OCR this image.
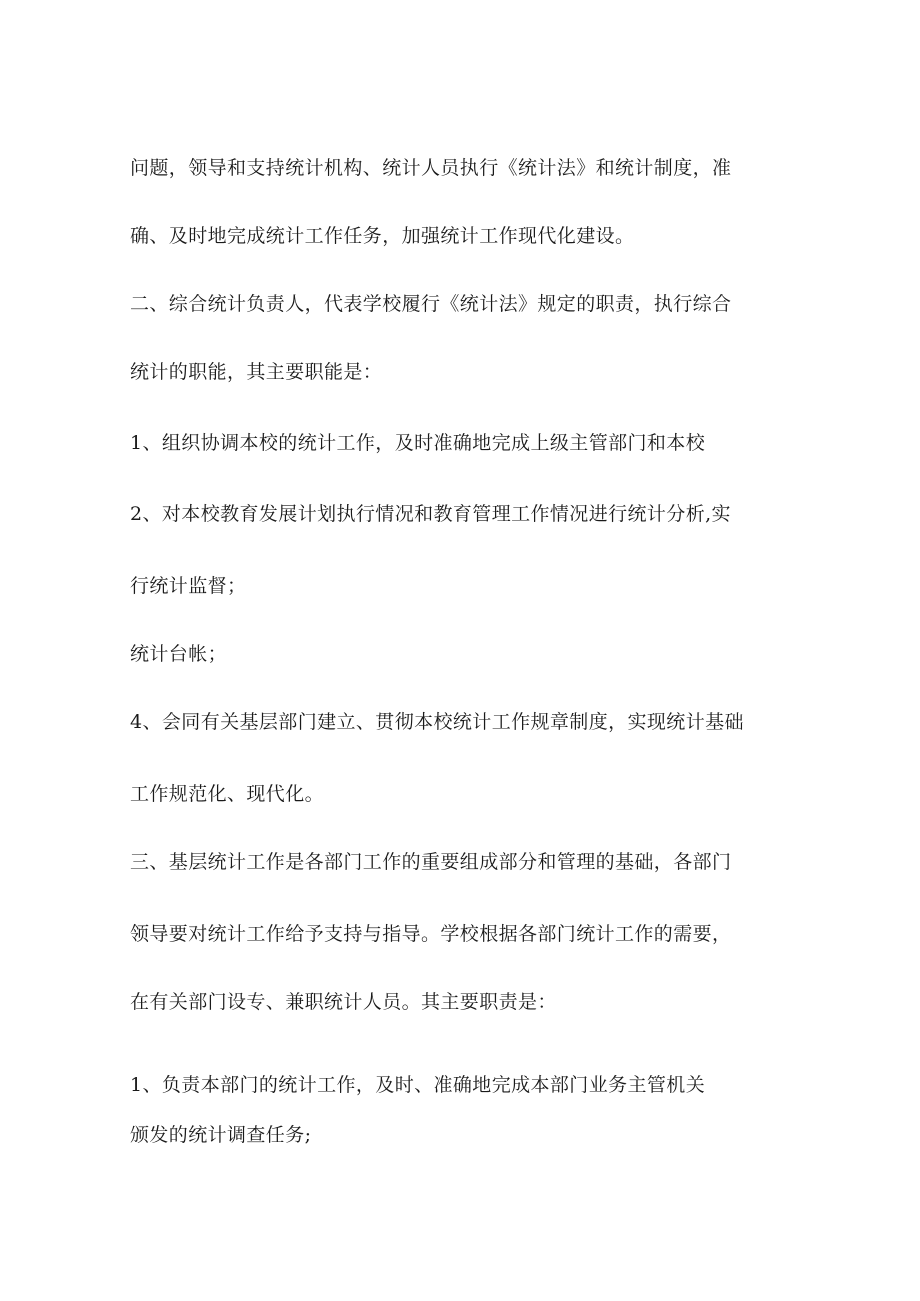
问题，领导和支持统计机构、统计人员执行《统计法》和统计制度，准

确、及时地完成统计工作任务，加强统计工作现代化建设。

二、综合统计负责人，代表学校履行《统计法》规定的职责，执行综合

统计的职能，其主要职能是：

1、组织协调本校的统计工作，及时准确地完成上级主管部门和本校

2、对本校教育发展计划执行情况和教育管理工作情况进行统计分析,实

行统计监督；

统计台帐；

4、会同有关基层部门建立、贯彻本校统计工作规章制度，实现统计基础

工作规范化、现代化。

三、基层统计工作是各部门工作的重要组成部分和管理的基础，各部门

领导要对统计工作给予支持与指导。学校根据各部门统计工作的需要，

在有关部门设专、兼职统计人员。其主要职责是：

1、负责本部门的统计工作，及时、准确地完成本部门业务主管机关

颁发的统计调查任务;
